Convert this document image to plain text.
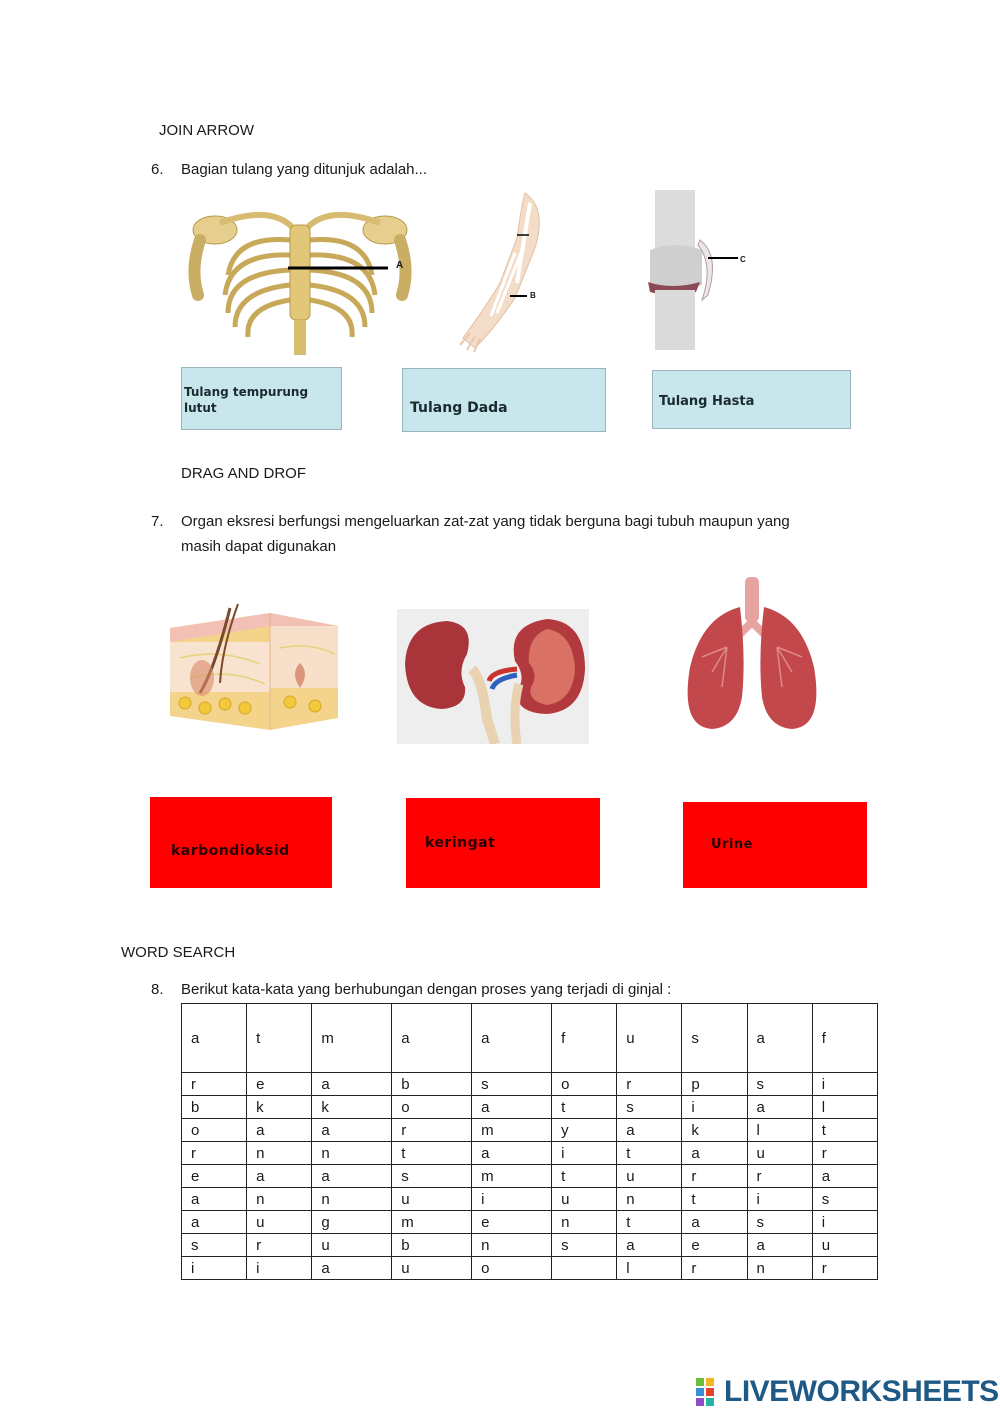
JOIN ARROW
6.	Bagian tulang yang ditunjuk adalah...
A
B
C
Tulang tempurung lutut	Tulang Dada	Tulang Hasta
DRAG AND DROF
7.	Organ eksresi berfungsi mengeluarkan zat-zat yang tidak berguna bagi tubuh maupun yang
masih dapat digunakan
karbondioksid	keringat	Urine
WORD SEARCH
8.	Berikut kata-kata yang berhubungan dengan proses yang terjadi di ginjal :
a	t	m	a	a	f	u	s	a	f
r	e	a	b	s	o	r	p	s	i
b	k	k	o	a	t	s	i	a	l
o	a	a	r	m	y	a	k	l	t
r	n	n	t	a	i	t	a	u	r
e	a	a	s	m	t	u	r	r	a
a	n	n	u	i	u	n	t	i	s
a	u	g	m	e	n	t	a	s	i
s	r	u	b	n	s	a	e	a	u
i	i	a	u	o		l	r	n	r
LIVEWORKSHEETS
